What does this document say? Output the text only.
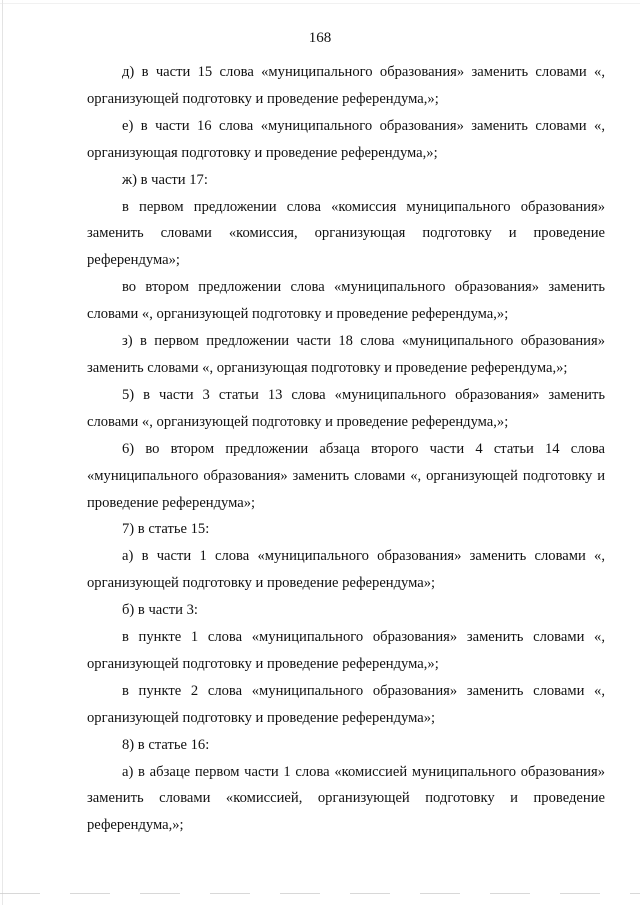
168

д) в части 15 слова «муниципального образования» заменить словами «, организующей подготовку и проведение референдума,»;

е) в части 16 слова «муниципального образования» заменить словами «, организующая подготовку и проведение референдума,»;

ж) в части 17:

в первом предложении слова «комиссия муниципального образования» заменить словами «комиссия, организующая подготовку и проведение референдума»;

во втором предложении слова «муниципального образования» заменить словами «, организующей подготовку и проведение референдума,»;

з) в первом предложении части 18 слова «муниципального образования» заменить словами «, организующая подготовку и проведение референдума,»;

5) в части 3 статьи 13 слова «муниципального образования» заменить словами «, организующей подготовку и проведение референдума,»;

6) во втором предложении абзаца второго части 4 статьи 14 слова «муниципального образования» заменить словами «, организующей подготовку и проведение референдума»;

7) в статье 15:

а) в части 1 слова «муниципального образования» заменить словами «, организующей подготовку и проведение референдума»;

б) в части 3:

в пункте 1 слова «муниципального образования» заменить словами «, организующей подготовку и проведение референдума,»;

в пункте 2 слова «муниципального образования» заменить словами «, организующей подготовку и проведение референдума»;

8) в статье 16:

а) в абзаце первом части 1 слова «комиссией муниципального образования» заменить словами «комиссией, организующей подготовку и проведение референдума,»;
